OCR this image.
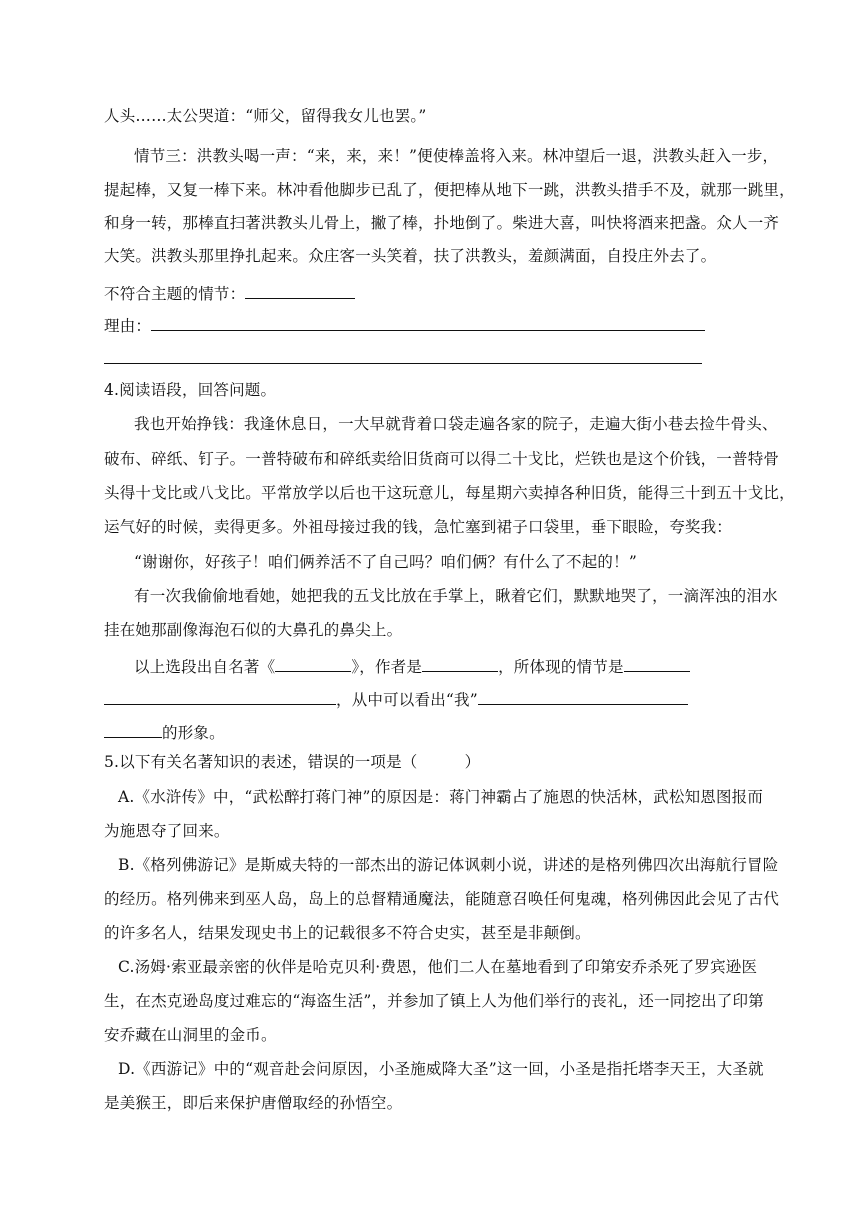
人头……太公哭道：“师父，留得我女儿也罢。”
情节三：洪教头喝一声：“来，来，来！”便使棒盖将入来。林冲望后一退，洪教头赶入一步，
提起棒，又复一棒下来。林冲看他脚步已乱了，便把棒从地下一跳，洪教头措手不及，就那一跳里，
和身一转，那棒直扫著洪教头儿骨上，撇了棒，扑地倒了。柴进大喜，叫快将酒来把盏。众人一齐
大笑。洪教头那里挣扎起来。众庄客一头笑着，扶了洪教头，羞颜满面，自投庄外去了。
不符合主题的情节：
理由：
4.阅读语段，回答问题。
我也开始挣钱：我逢休息日，一大早就背着口袋走遍各家的院子，走遍大街小巷去捡牛骨头、
破布、碎纸、钉子。一普特破布和碎纸卖给旧货商可以得二十戈比，烂铁也是这个价钱，一普特骨
头得十戈比或八戈比。平常放学以后也干这玩意儿，每星期六卖掉各种旧货，能得三十到五十戈比，
运气好的时候，卖得更多。外祖母接过我的钱，急忙塞到裙子口袋里，垂下眼睑，夸奖我：
“谢谢你，好孩子！咱们俩养活不了自己吗？咱们俩？有什么了不起的！”
有一次我偷偷地看她，她把我的五戈比放在手掌上，瞅着它们，默默地哭了，一滴浑浊的泪水
挂在她那副像海泡石似的大鼻孔的鼻尖上。
以上选段出自名著《	》，作者是	，所体现的情节是
，从中可以看出“我”
的形象。
5.以下有关名著知识的表述，错误的一项是（　　　）
A.《水浒传》中，“武松醉打蒋门神”的原因是：蒋门神霸占了施恩的快活林，武松知恩图报而
为施恩夺了回来。
B.《格列佛游记》是斯威夫特的一部杰出的游记体讽刺小说，讲述的是格列佛四次出海航行冒险
的经历。格列佛来到巫人岛，岛上的总督精通魔法，能随意召唤任何鬼魂，格列佛因此会见了古代
的许多名人，结果发现史书上的记载很多不符合史实，甚至是非颠倒。
C.汤姆·索亚最亲密的伙伴是哈克贝利·费恩，他们二人在墓地看到了印第安乔杀死了罗宾逊医
生，在杰克逊岛度过难忘的“海盗生活”，并参加了镇上人为他们举行的丧礼，还一同挖出了印第
安乔藏在山洞里的金币。
D.《西游记》中的“观音赴会问原因，小圣施威降大圣”这一回，小圣是指托塔李天王，大圣就
是美猴王，即后来保护唐僧取经的孙悟空。
